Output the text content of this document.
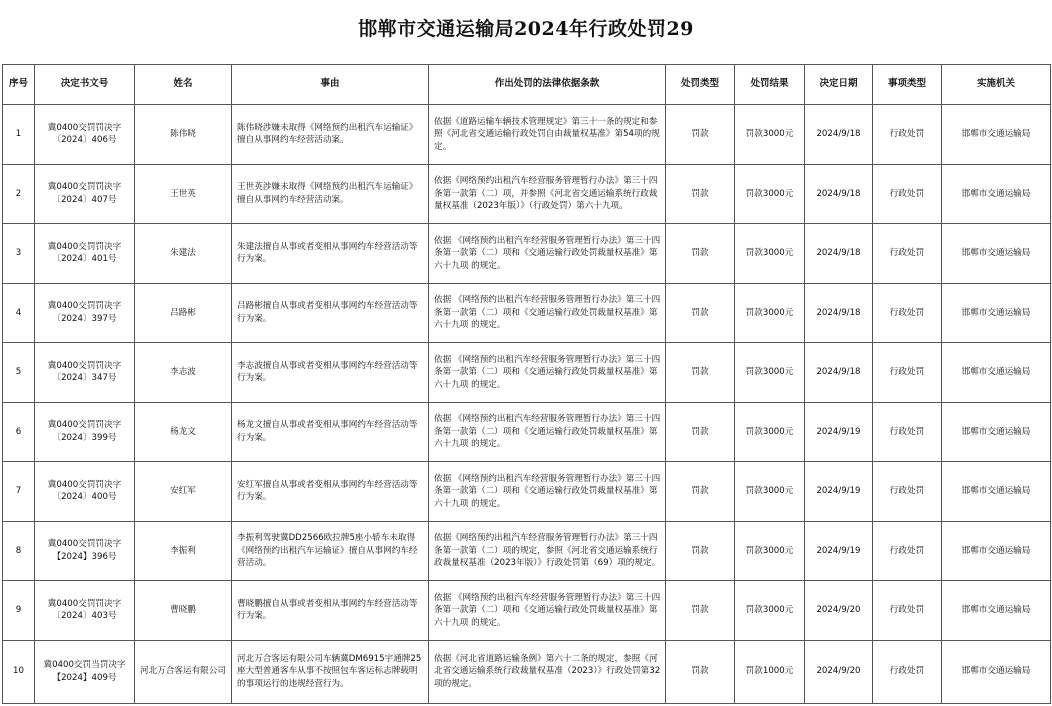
邯郸市交通运输局2024年行政处罚29
序号	决定书文号	姓名	事由	作出处罚的法律依据条款	处罚类型	处罚结果	决定日期	事项类型	实施机关
1	冀0400交罚罚决字〔2024〕406号	陈伟晓	陈伟晓涉嫌未取得《网络预约出租汽车运输证》擅自从事网约车经营活动案。	依据《道路运输车辆技术管理规定》第三十一条的规定和参照《河北省交通运输行政处罚自由裁量权基准》第54项的规定。	罚款	罚款3000元	2024/9/18	行政处罚	邯郸市交通运输局
2	冀0400交罚罚决字〔2024〕407号	王世英	王世英涉嫌未取得《网络预约出租汽车运输证》擅自从事网约车经营活动案。	依据《网络预约出租汽车经营服务管理暂行办法》第三十四条第一款第（二）项，并参照《河北省交通运输系统行政裁量权基准（2023年版）》（行政处罚）第六十九项。	罚款	罚款3000元	2024/9/18	行政处罚	邯郸市交通运输局
3	冀0400交罚罚决字〔2024〕401号	朱建法	朱建法擅自从事或者变相从事网约车经营活动等行为案。	依据 《网络预约出租汽车经营服务管理暂行办法》第三十四条第一款第（二）项和《交通运输行政处罚裁量权基准》第六十九项 的规定。	罚款	罚款3000元	2024/9/18	行政处罚	邯郸市交通运输局
4	冀0400交罚罚决字〔2024〕397号	吕路彬	吕路彬擅自从事或者变相从事网约车经营活动等行为案。	依据 《网络预约出租汽车经营服务管理暂行办法》第三十四条第一款第（二）项和《交通运输行政处罚裁量权基准》第六十九项 的规定。	罚款	罚款3000元	2024/9/18	行政处罚	邯郸市交通运输局
5	冀0400交罚罚决字〔2024〕347号	李志波	李志波擅自从事或者变相从事网约车经营活动等行为案。	依据 《网络预约出租汽车经营服务管理暂行办法》第三十四条第一款第（二）项和《交通运输行政处罚裁量权基准》第六十九项 的规定。	罚款	罚款3000元	2024/9/18	行政处罚	邯郸市交通运输局
6	冀0400交罚罚决字〔2024〕399号	杨龙文	杨龙文擅自从事或者变相从事网约车经营活动等行为案。	依据 《网络预约出租汽车经营服务管理暂行办法》第三十四条第一款第（二）项和《交通运输行政处罚裁量权基准》第六十九项 的规定。	罚款	罚款3000元	2024/9/19	行政处罚	邯郸市交通运输局
7	冀0400交罚罚决字〔2024〕400号	安红军	安红军擅自从事或者变相从事网约车经营活动等行为案。	依据 《网络预约出租汽车经营服务管理暂行办法》第三十四条第一款第（二）项和《交通运输行政处罚裁量权基准》第六十九项 的规定。	罚款	罚款3000元	2024/9/19	行政处罚	邯郸市交通运输局
8	冀0400交罚罚决字【2024】396号	李振利	李振利驾驶冀DD2566欧拉牌5座小轿车未取得《网络预约出租汽车运输证》擅自从事网约车经营活动。	依据《网络预约出租汽车经营服务管理暂行办法》第三十四条第一款第（二）项的规定，参照《河北省交通运输系统行政裁量权基准（2023年版）》行政处罚第（69）项的规定。	罚款	罚款3000元	2024/9/19	行政处罚	邯郸市交通运输局
9	冀0400交罚罚决字〔2024〕403号	曹晓鹏	曹晓鹏擅自从事或者变相从事网约车经营活动等行为案。	依据 《网络预约出租汽车经营服务管理暂行办法》第三十四条第一款第（二）项和《交通运输行政处罚裁量权基准》第六十九项 的规定。	罚款	罚款3000元	2024/9/20	行政处罚	邯郸市交通运输局
10	冀0400交罚当罚决字【2024】409号	河北万合客运有限公司	河北万合客运有限公司车辆冀DM6915宇通牌25座大型普通客车从事不按照包车客运标志牌载明的事项运行的违规经营行为。	依据《河北省道路运输条例》第六十二条的规定，参照《河北省交通运输系统行政裁量权基准（2023）》行政处罚第32项的规定。	罚款	罚款1000元	2024/9/20	行政处罚	邯郸市交通运输局
